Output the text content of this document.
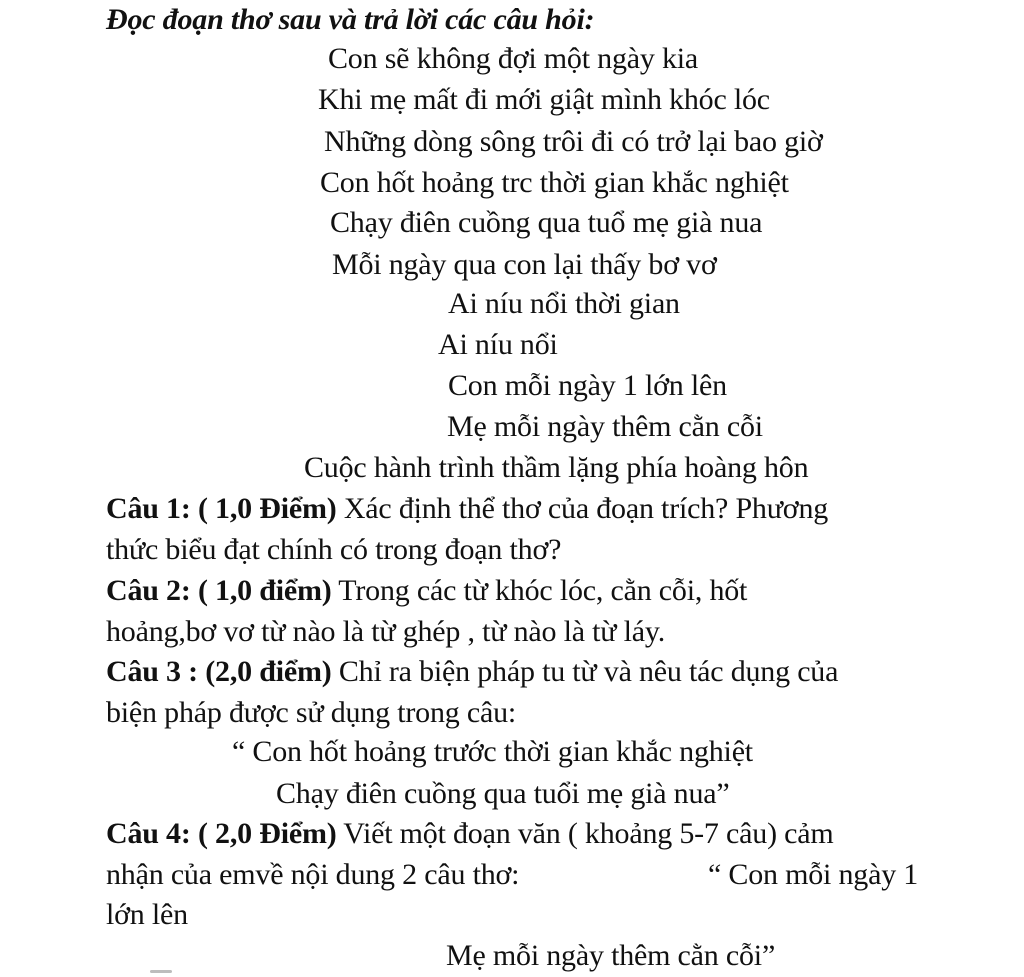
Đọc đoạn thơ sau và trả lời các câu hỏi:
Con sẽ không đợi một ngày kia
Khi mẹ mất đi mới giật mình khóc lóc
Những dòng sông trôi đi có trở lại bao giờ
Con hốt hoảng trc thời gian khắc nghiệt
Chạy điên cuồng qua tuổ mẹ già nua
Mỗi ngày qua con lại thấy bơ vơ
Ai níu nổi thời gian
Ai níu nổi
Con mỗi ngày 1 lớn lên
Mẹ mỗi ngày thêm cằn cỗi
Cuộc hành trình thầm lặng phía hoàng hôn
Câu 1: ( 1,0 Điểm) Xác định thể thơ của đoạn trích? Phương
thức biểu đạt chính có trong đoạn thơ?
Câu 2: ( 1,0 điểm) Trong các từ khóc lóc, cằn cỗi, hốt
hoảng,bơ vơ từ nào là từ ghép , từ nào là từ láy.
Câu 3 : (2,0 điểm) Chỉ ra biện pháp tu từ và nêu tác dụng của
biện pháp được sử dụng trong câu:
“ Con hốt hoảng trước thời gian khắc nghiệt
Chạy điên cuồng qua tuổi mẹ già nua”
Câu 4: ( 2,0 Điểm) Viết một đoạn văn ( khoảng 5-7 câu) cảm
nhận của emvề nội dung 2 câu thơ:	“ Con mỗi ngày 1
lớn lên
Mẹ mỗi ngày thêm cằn cỗi”
